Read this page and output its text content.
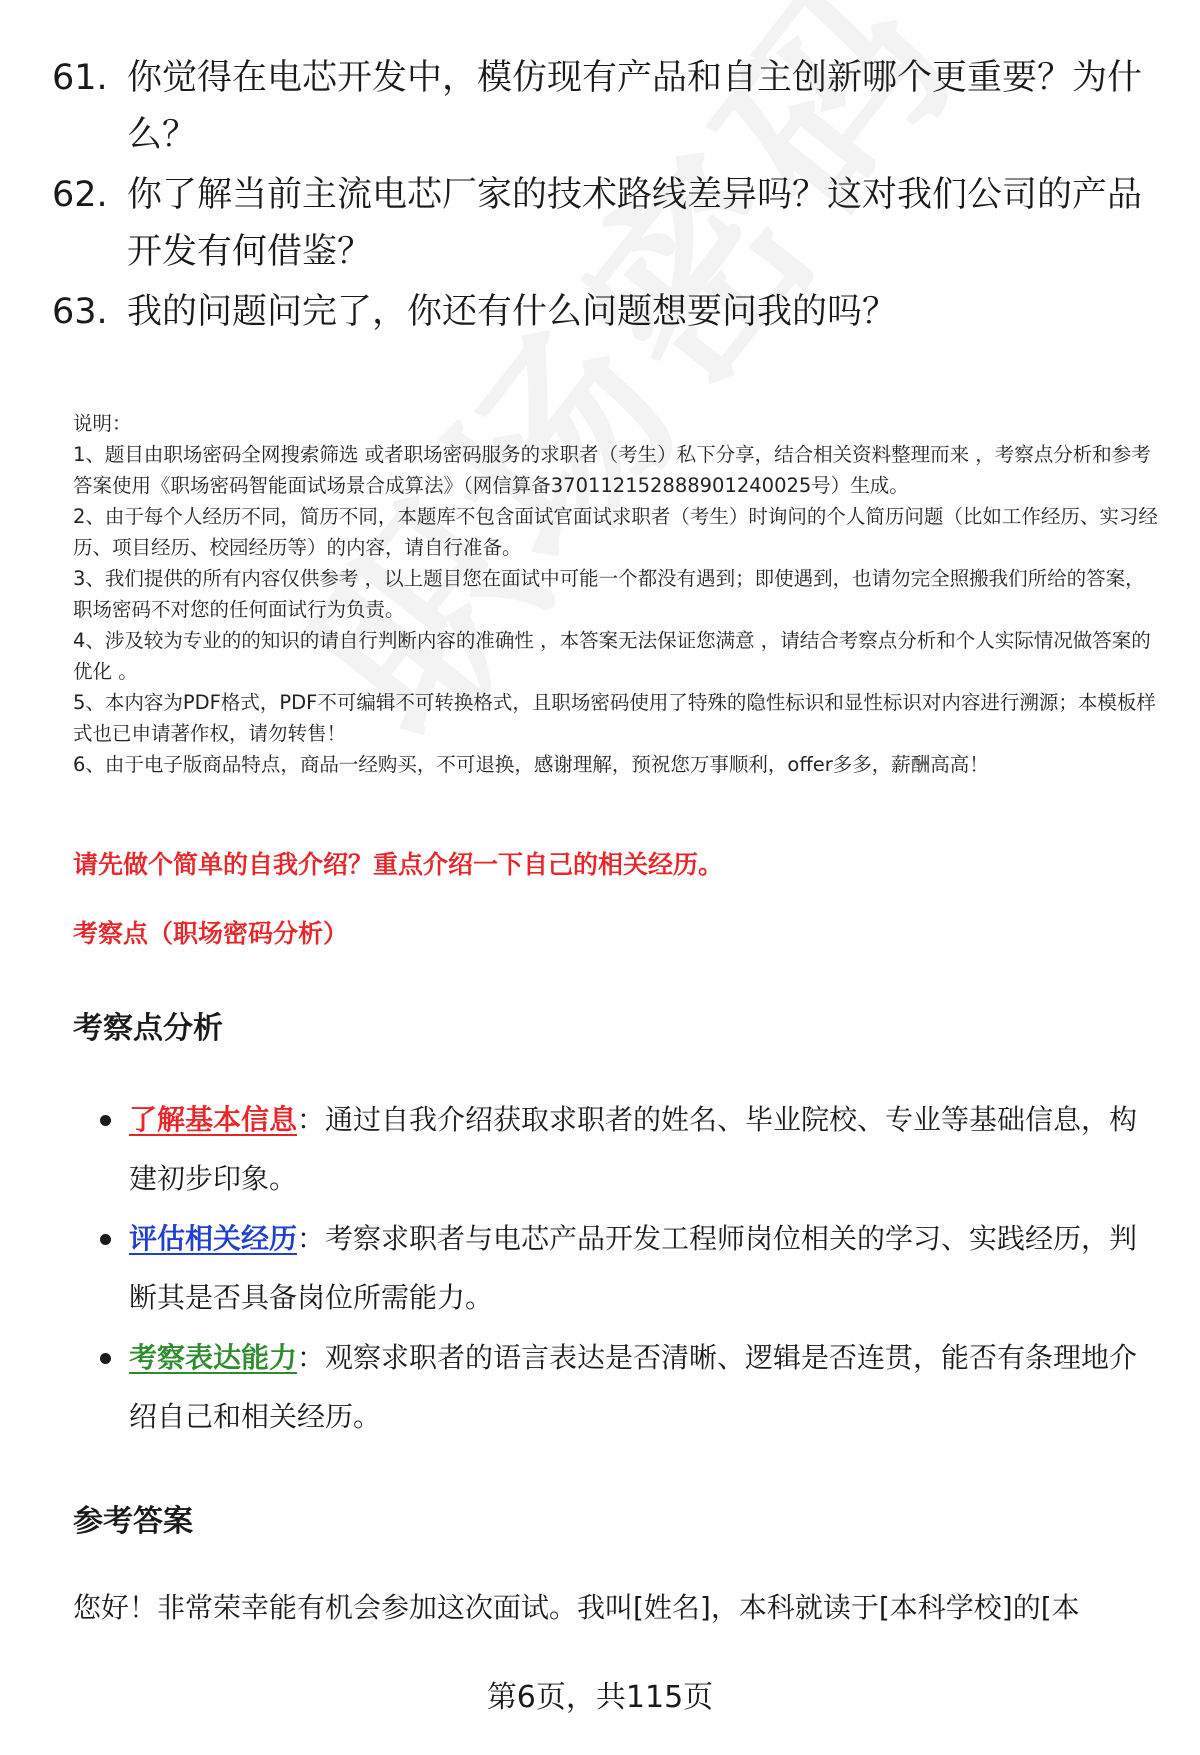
61. 你觉得在电芯开发中，模仿现有产品和自主创新哪个更重要？为什么？
62. 你了解当前主流电芯厂家的技术路线差异吗？这对我们公司的产品开发有何借鉴？
63. 我的问题问完了，你还有什么问题想要问我的吗？
说明：
1、题目由职场密码全网搜索筛选 或者职场密码服务的求职者（考生）私下分享，结合相关资料整理而来 ，考察点分析和参考答案使用《职场密码智能面试场景合成算法》（网信算备370112152888901240025号）生成。
2、由于每个人经历不同，简历不同，本题库不包含面试官面试求职者（考生）时询问的个人简历问题（比如工作经历、实习经历、项目经历、校园经历等）的内容，请自行准备。
3、我们提供的所有内容仅供参考 ，以上题目您在面试中可能一个都没有遇到；即使遇到，也请勿完全照搬我们所给的答案，职场密码不对您的任何面试行为负责。
4、涉及较为专业的的知识的请自行判断内容的准确性 ，本答案无法保证您满意 ，请结合考察点分析和个人实际情况做答案的优化 。
5、本内容为PDF格式，PDF不可编辑不可转换格式，且职场密码使用了特殊的隐性标识和显性标识对内容进行溯源；本模板样式也已申请著作权，请勿转售！
6、由于电子版商品特点，商品一经购买，不可退换，感谢理解，预祝您万事顺利，offer多多，薪酬高高！
请先做个简单的自我介绍？重点介绍一下自己的相关经历。
考察点（职场密码分析）
考察点分析
了解基本信息：通过自我介绍获取求职者的姓名、毕业院校、专业等基础信息，构建初步印象。
评估相关经历：考察求职者与电芯产品开发工程师岗位相关的学习、实践经历，判断其是否具备岗位所需能力。
考察表达能力：观察求职者的语言表达是否清晰、逻辑是否连贯，能否有条理地介绍自己和相关经历。
参考答案
您好！非常荣幸能有机会参加这次面试。我叫[姓名]，本科就读于[本科学校]的[本
第6页，共115页
